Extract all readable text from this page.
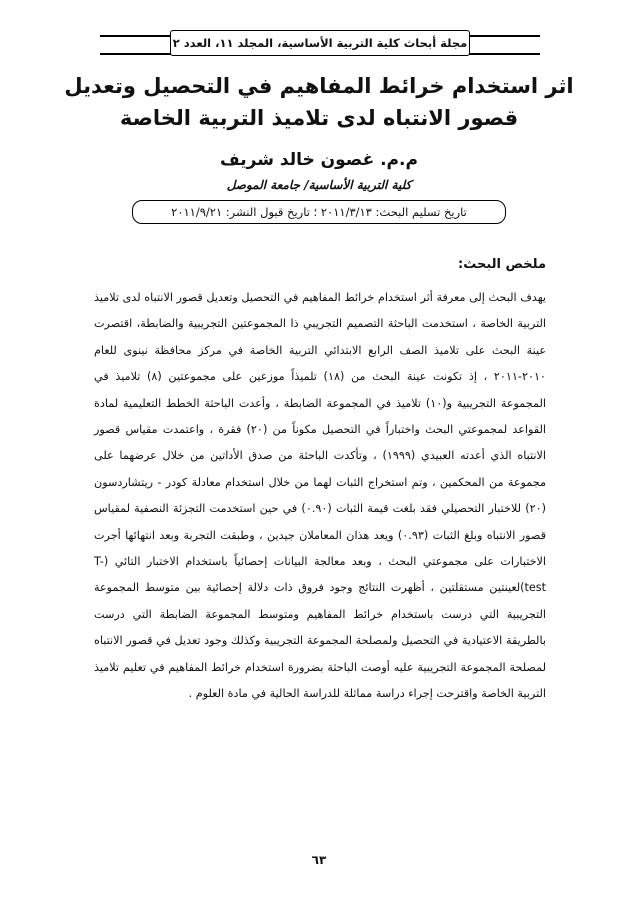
مجلة أبحاث كلية التربية الأساسية، المجلد ١١، العدد ٢
اثر استخدام خرائط المفاهيم في التحصيل وتعديل قصور الانتباه لدى تلاميذ التربية الخاصة
م.م. غصون خالد شريف
كلية التربية الأساسية/ جامعة الموصل
تاريخ تسليم البحث: ٢٠١١/٣/١٣ ؛ تاريخ قبول النشر: ٢٠١١/٩/٢١
ملخص البحث:

يهدف البحث إلى معرفة أثر استخدام خرائط المفاهيم في التحصيل وتعديل قصور الانتباه لدى تلاميذ التربية الخاصة ، استخدمت الباحثة التصميم التجريبي ذا المجموعتين التجريبية والضابطة، اقتصرت عينة البحث على تلاميذ الصف الرابع الابتدائي التربية الخاصة في مركز محافظة نينوى للعام ٢٠١٠-٢٠١١ ، إذ تكونت عينة البحث من (١٨) تلميذاً موزعين على مجموعتين (٨) تلاميذ في المجموعة التجريبية و(١٠) تلاميذ في المجموعة الضابطة ، وأعدت الباحثة الخطط التعليمية لمادة القواعد لمجموعتي البحث واختباراً في التحصيل مكوناً من (٢٠) فقرة ، واعتمدت مقياس قصور الانتباه الذي أعدته العبيدي (١٩٩٩) ، وتأكدت الباحثة من صدق الأداتين من خلال عرضهما على مجموعة من المحكمين ، وتم استخراج الثبات لهما من خلال استخدام معادلة كودر - ريتشاردسون (٢٠) للاختبار التحصيلي فقد بلغت قيمة الثبات (٠.٩٠) في حين استخدمت التجزئة النصفية لمقياس قصور الانتباه وبلغ الثبات (٠.٩٣) ويعد هذان المعاملان جيدين ، وطبقت التجربة وبعد انتهائها أجرت الاختبارات على مجموعتي البحث ، وبعد معالجة البيانات إحصائياً باستخدام الاختبار التائي (T-test)لعينتين مستقلتين ، أظهرت النتائج وجود فروق ذات دلالة إحصائية بين متوسط المجموعة التجريبية التي درست باستخدام خرائط المفاهيم ومتوسط المجموعة الضابطة التي درست بالطريقة الاعتيادية في التحصيل ولمصلحة المجموعة التجريبية وكذلك وجود تعديل في قصور الانتباه لمصلحة المجموعة التجريبية عليه أوصت الباحثة بضرورة استخدام خرائط المفاهيم في تعليم تلاميذ التربية الخاصة واقترحت إجراء دراسة مماثلة للدراسة الحالية في مادة العلوم .

٦٣
